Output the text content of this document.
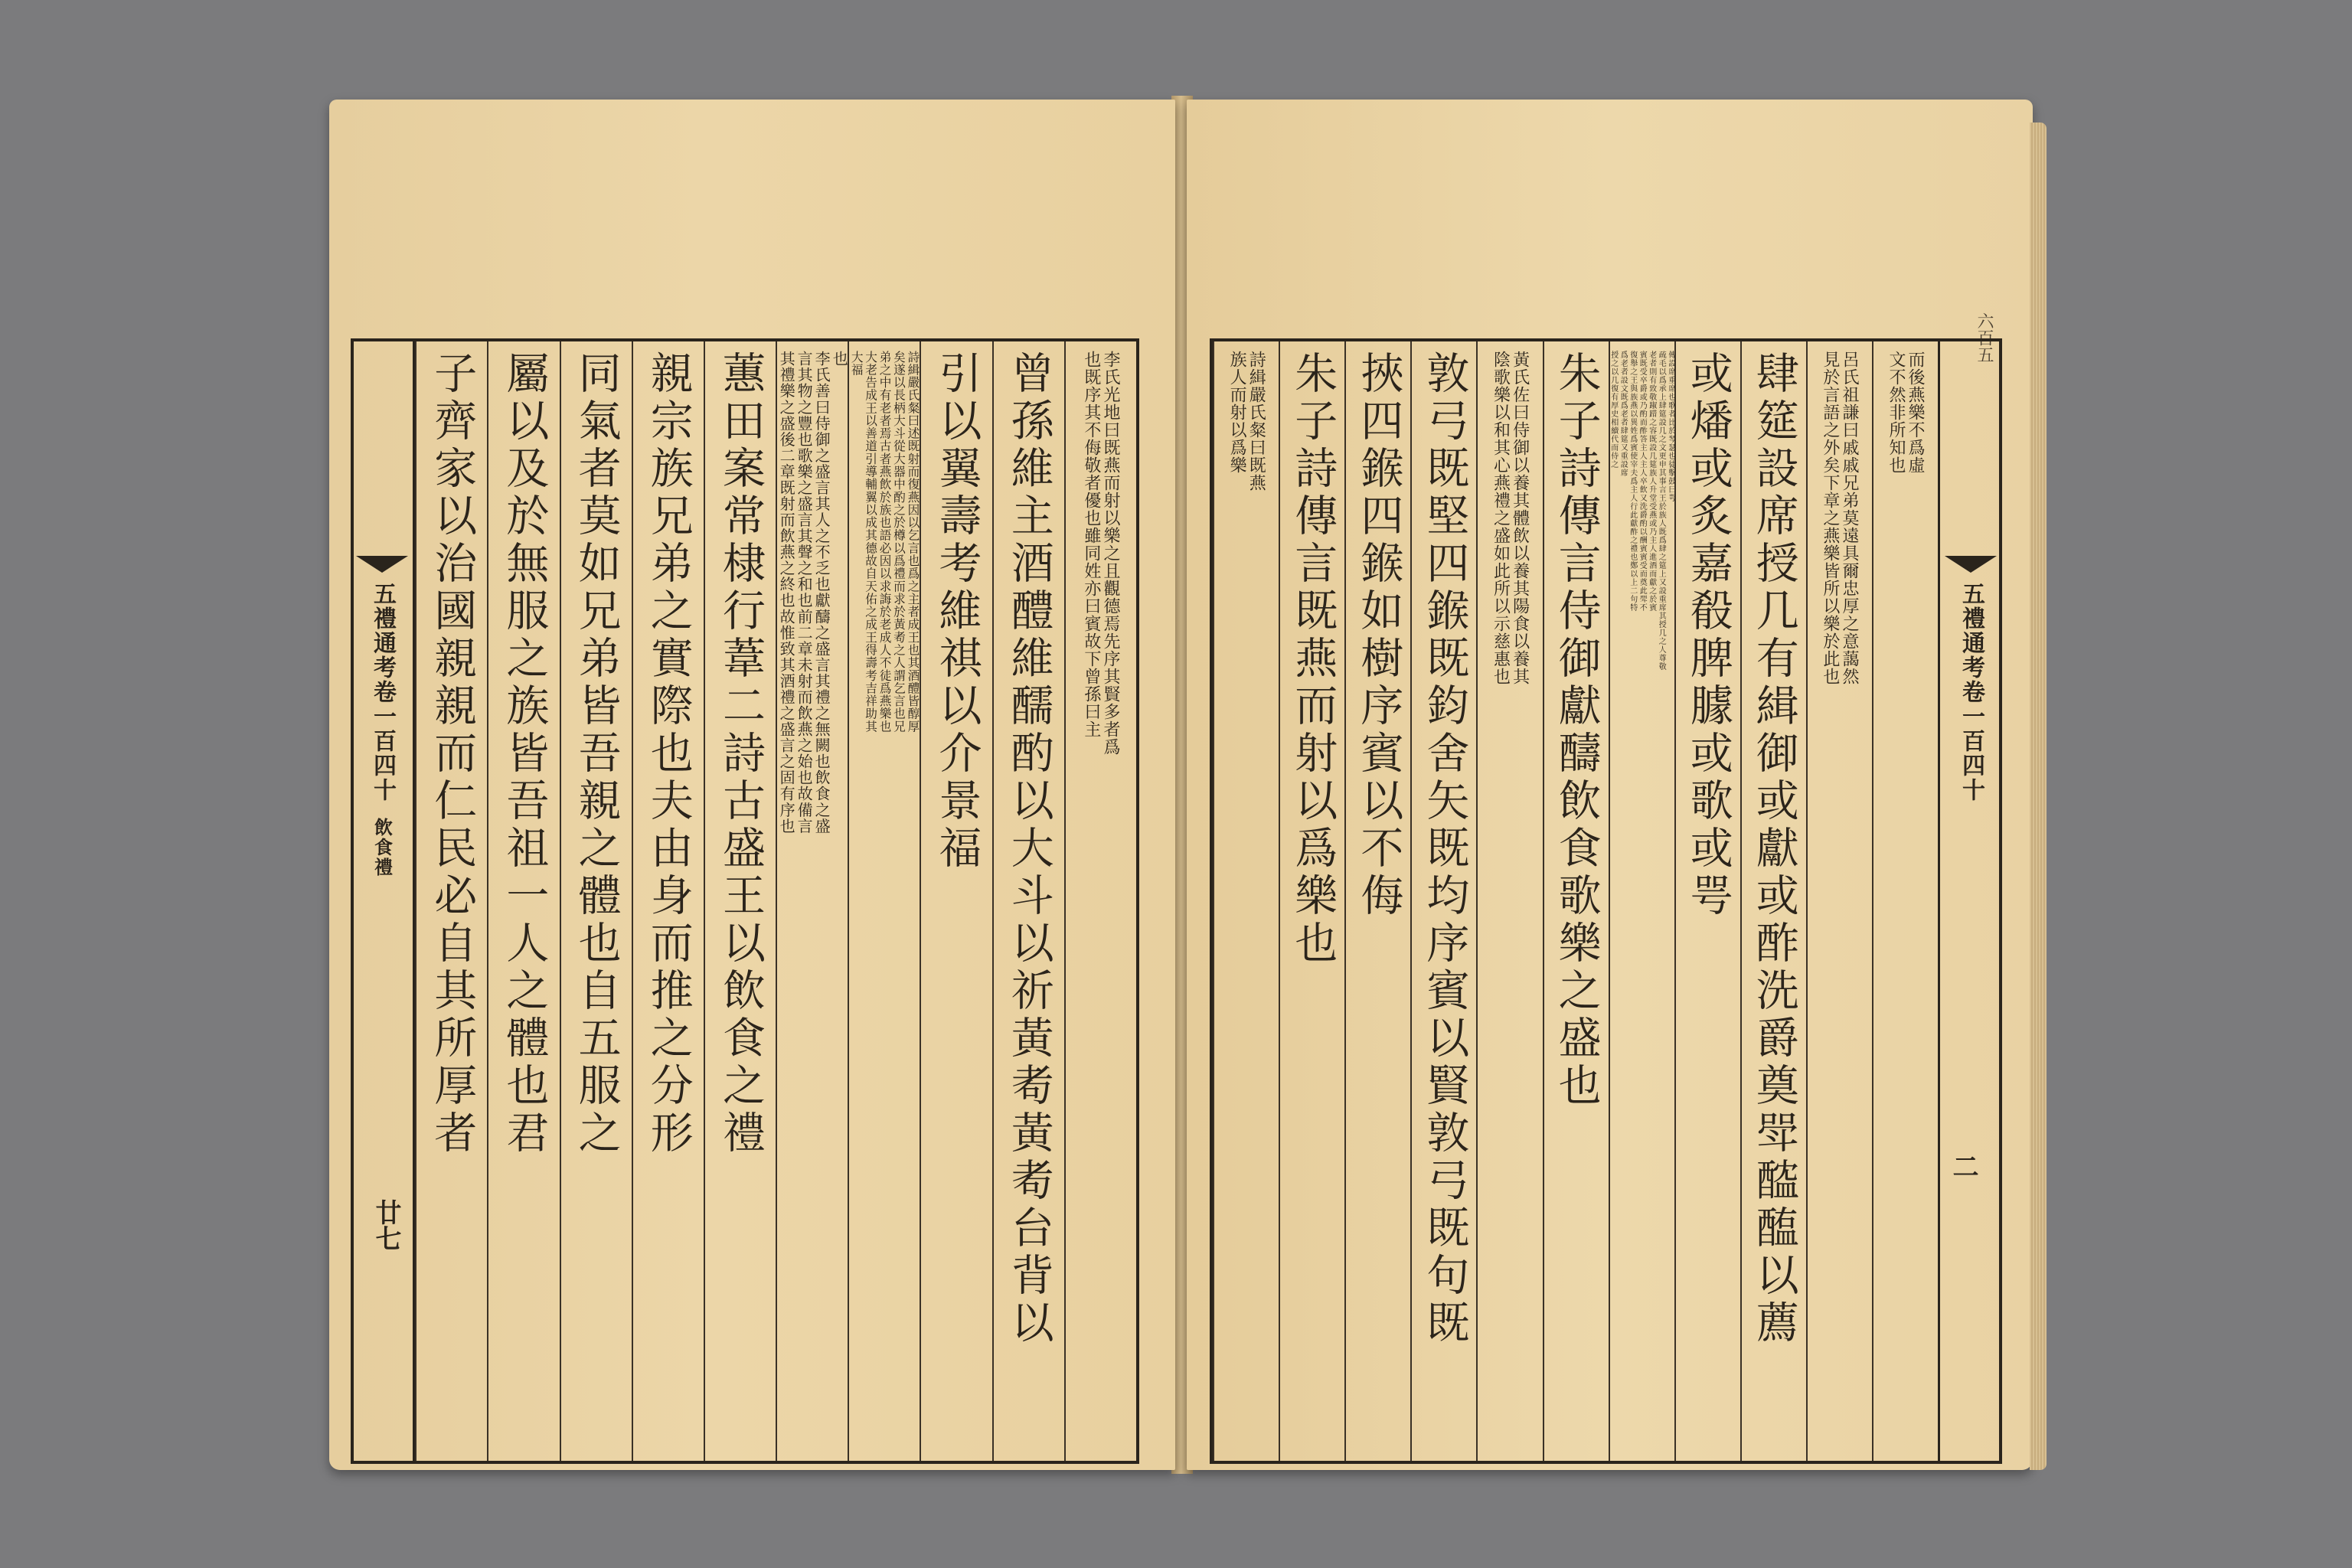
五禮通考卷一百四十
飲食禮
廿七
李氏光地曰既燕而射以樂之且觀德焉先序其賢多者爲
也既序其不侮敬者優也雖同姓亦曰賓故下曾孫曰主
曾孫維主酒醴維醹酌以大斗以祈黃耇黃耇台背以
引以翼壽考維祺以介景福
詩緝嚴氏粲曰述既射而復燕因以乞言也爲之主者成王也其酒醴皆醇厚
矣遂以長柄大斗從大器中酌之於樽以爲禮而求於黃耇之人謂乞言也兄
弟之中有老者焉古者燕飲於族也語必因以求誨於老成人不徒爲燕樂也
大老告成王以善道引導輔翼以成其德故自天佑之成王得壽考吉祥助其
大福
也
李氏善曰侍御之盛言其人之不乏也獻醻之盛言其禮之無闕也飲食之盛
言其物之豐也歌樂之盛言其聲之和也前二章未射而飲燕之始也故備言
其禮樂之盛後二章既射而飲燕之終也故惟致其酒禮之盛言之固有序也
蕙田案常棣行葦二詩古盛王以飲食之禮
親宗族兄弟之實際也夫由身而推之分形
同氣者莫如兄弟皆吾親之體也自五服之
屬以及於無服之族皆吾祖一人之體也君
子齊家以治國親親而仁民必自其所厚者
六百五
五禮通考卷一百四十
二
而後燕樂不爲虛
文不然非所知也
呂氏祖謙曰戚戚兄弟莫遠具爾忠厚之意藹然
見於言語之外矣下章之燕樂皆所以樂於此也
肆筵設席授几有緝御或獻或酢洗爵奠斝醓醢以薦
或燔或炙嘉殽脾臄或歌或咢
傳設席重席也歌者比於琴瑟也徒擊鼓曰咢
疏毛以爲承上肆筵設几之文更申其事言王於族人既爲肆之筵上又設重席其授几之人尊敬
老者則有致敬踧踖之容既設几筵族人升堂受燕或乃主人進酒而獻之於賓
賓既受卒爵或乃酌而酢答主人主人卒飲又洗爵酌以酬賓賓受而奠此斝不
復舉之王與族燕以異姓爲賓使宰夫爲主人行此獻酢之禮也鄭以上二句特
爲老者設文既爲老者肆筵又重設席
授之以几復有厚史相續代而侍之
朱子詩傳言侍御獻醻飲食歌樂之盛也
黃氏佐曰侍御以養其體飲以養其陽食以養其
陰歌樂以和其心燕禮之盛如此所以示慈惠也
敦弓既堅四鍭既鈞舍矢既均序賓以賢敦弓既句既
挾四鍭四鍭如樹序賓以不侮
朱子詩傳言既燕而射以爲樂也
詩緝嚴氏粲曰既燕
族人而射以爲樂
